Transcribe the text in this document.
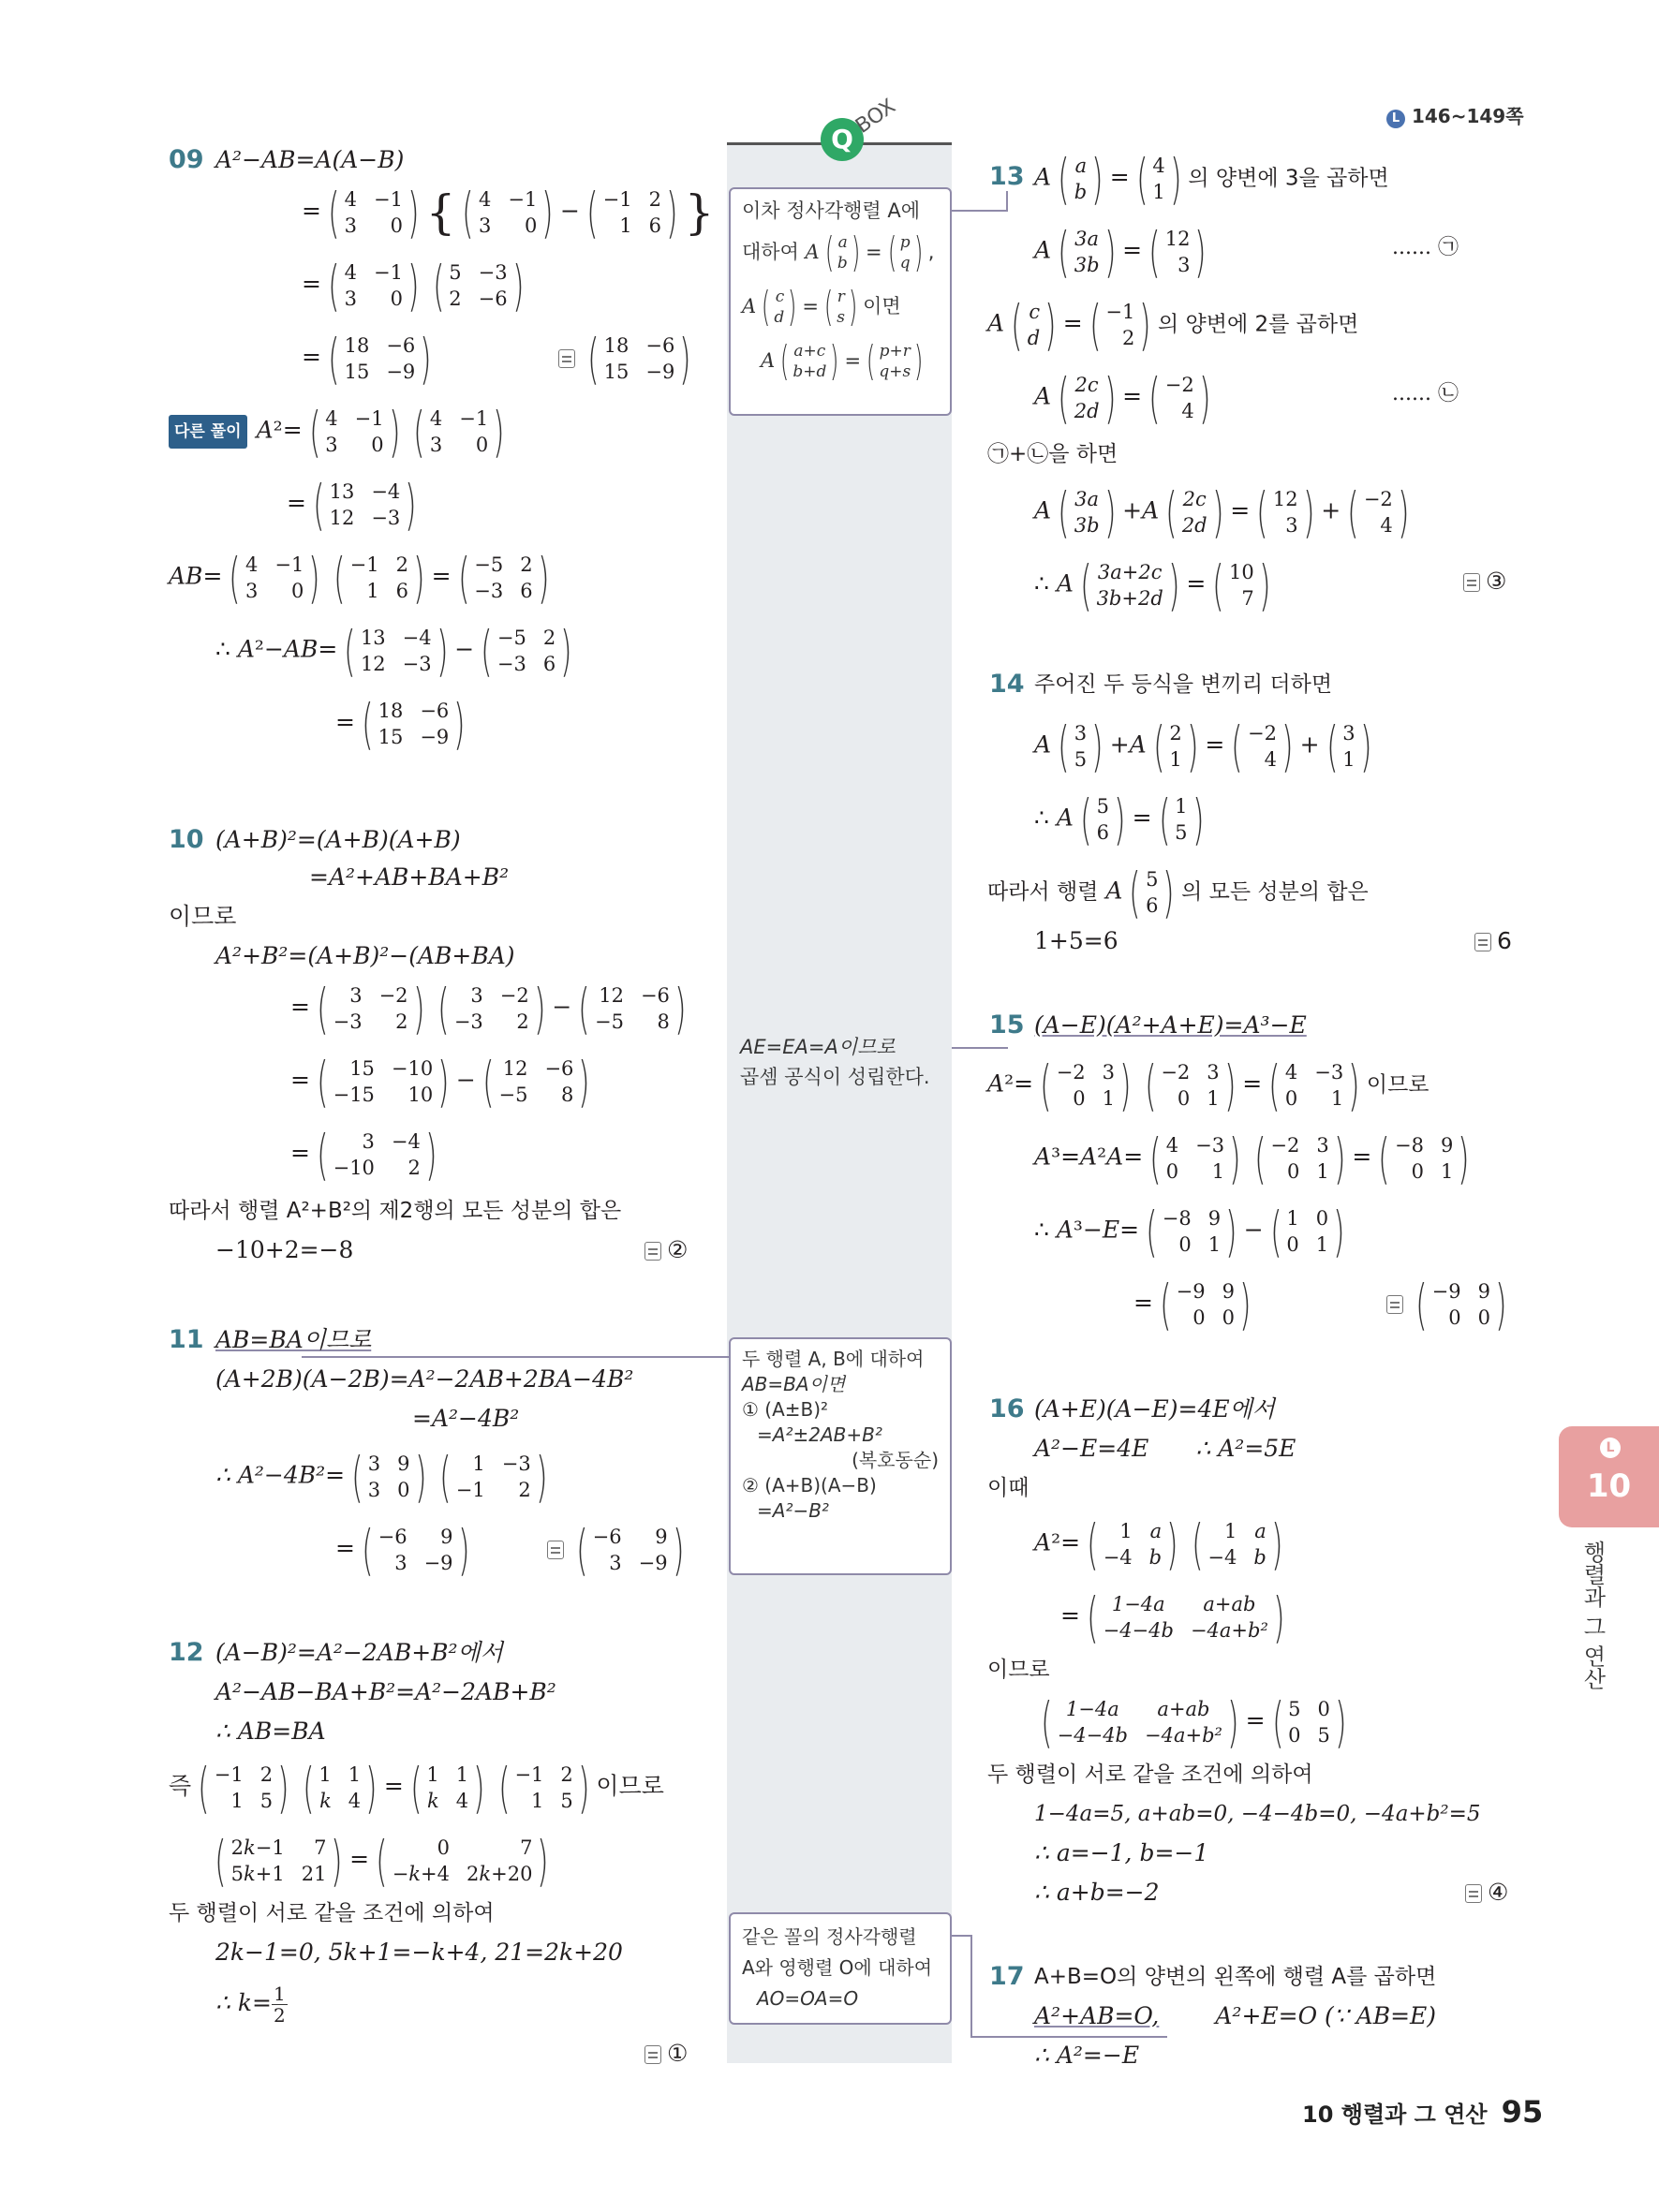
L 146~149쪽
Q
BOX
09 A²−AB=A(A−B)
= ( 4 −1
3	0 ) { ( 4 −1
3	0 ) − ( −1 2
1 6 ) }
= ( 4 −1
3	0 ) ( 5 −3
2 −6 )
= ( 18 −6
15 −9 )	( 18 −6
15 −9 )
다른 풀이 A²= ( 4 −1
3	0 ) ( 4 −1
3	0 )
= ( 13 −4
12 −3 )
AB= ( 4 −1
3	0 ) ( −1 2
1 6 ) = ( −5 2
−3 6 )
∴ A²−AB= ( 13 −4
12 −3 ) − ( −5 2
−3 6 )
= ( 18 −6
15 −9 )
10 (A+B)²=(A+B)(A+B)
=A²+AB+BA+B²
이므로
A²+B²=(A+B)²−(AB+BA)
= (	3 −2
−3	2 ) (	3 −2
−3	2 ) − ( 12 −6
−5	8 )
= (	15 −10
−15	10 ) − ( 12 −6
−5	8 )
= (	3 −4
−10	2 )
따라서 행렬 A²+B²의 제2행의 모든 성분의 합은
−10+2=−8	②
11 AB=BA이므로
(A+2B)(A−2B)=A²−2AB+2BA−4B²
=A²−4B²
∴ A²−4B²= ( 3 9
3 0 ) (	1 −3
−1	2 )
= ( −6	9
3 −9 ) ( −6	9
3 −9 )
12 (A−B)²=A²−2AB+B²에서
A²−AB−BA+B²=A²−2AB+B²
∴ AB=BA
즉 ( −1 2
1 5 ) ( 1 1
k 4 ) = ( 1 1
k 4 ) ( −1 2
1 5 ) 이므로
( 2k−1	7
5k+1 21 ) = (	0	7
−k+4 2k+20 )
두 행렬이 서로 같을 조건에 의하여
2k−1=0, 5k+1=−k+4, 21=2k+20
∴ $k= \frac{1}{2}$
①
이차 정사각행렬 A에
대하여 A ( a
b ) = ( p
q ) ,
A ( c
d ) = ( r
s ) 이면
A ( a+c
b+d ) = ( p+r
q+s )
AE=EA=A이므로
곱셈 공식이 성립한다.
두 행렬 A, B에 대하여
AB=BA이면
① (A±B)²
=A²±2AB+B²
(복호동순)
② (A+B)(A−B)
=A²−B²
같은 꼴의 정사각행렬
A와 영행렬 O에 대하여
AO=OA=O
13 A ( a
b ) = ( 4
1 ) 의 양변에 3을 곱하면
A ( 3a
3b ) = ( 12
3 )	...... ㉠
A ( c
d ) = ( −1
2 ) 의 양변에 2를 곱하면
A ( 2c
2d ) = ( −2
4 )	...... ㉡
㉠+㉡을 하면
A ( 3a
3b ) +A ( 2c
2d ) = ( 12
3 ) + ( −2
4 )
∴ A ( 3a+2c
3b+2d ) = ( 10
7 )	③
14 주어진 두 등식을 변끼리 더하면
A ( 3
5 ) +A ( 2
1 ) = ( −2
4 ) + ( 3
1 )
∴ A ( 5
6 ) = ( 1
5 )
따라서 행렬 A ( 5
6 ) 의 모든 성분의 합은
1+5=6	6
15 (A−E)(A²+A+E)=A³−E
A²= ( −2 3
0 1 ) ( −2 3
0 1 ) = ( 4 −3
0	1 ) 이므로
A³=A²A= ( 4 −3
0	1 ) ( −2 3
0 1 ) = ( −8 9
0 1 )
∴ A³−E= ( −8 9
0 1 ) − ( 1 0
0 1 )
= ( −9 9
0 0 )	( −9 9
0 0 )
16 (A+E)(A−E)=4E에서
A²−E=4E ∴ A²=5E
이때
A²= (	1 a
−4 b ) (	1 a
−4 b )
= ( 1−4a	a+ab
−4−4b −4a+b² )
이므로
( 1−4a	a+ab
−4−4b −4a+b² ) = ( 5 0
0 5 )
두 행렬이 서로 같을 조건에 의하여
1−4a=5, a+ab=0, −4−4b=0, −4a+b²=5
∴ a=−1, b=−1
∴ a+b=−2	④
17 A+B=O의 양변의 왼쪽에 행렬 A를 곱하면
A²+AB=O, A²+E=O (∵ AB=E)
∴ A²=−E
L
10
행렬과 그 연산
10 행렬과 그 연산 95
